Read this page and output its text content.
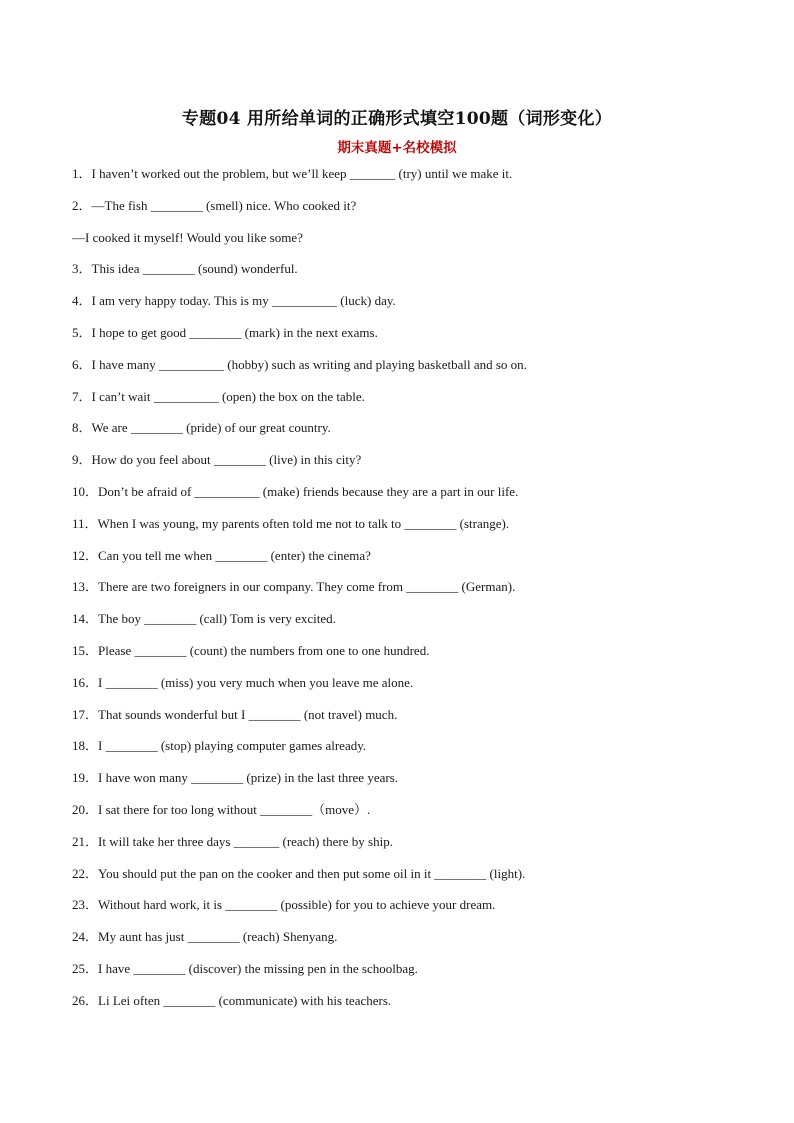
专题04 用所给单词的正确形式填空100题（词形变化）
期末真题+名校模拟
1．I haven’t worked out the problem, but we’ll keep _______ (try) until we make it.
2．—The fish ________ (smell) nice. Who cooked it?
—I cooked it myself! Would you like some?
3．This idea ________ (sound) wonderful.
4．I am very happy today. This is my __________ (luck) day.
5．I hope to get good ________ (mark) in the next exams.
6．I have many __________ (hobby) such as writing and playing basketball and so on.
7．I can’t wait __________ (open) the box on the table.
8．We are ________ (pride) of our great country.
9．How do you feel about ________ (live) in this city?
10．Don’t be afraid of __________ (make) friends because they are a part in our life.
11．When I was young, my parents often told me not to talk to ________ (strange).
12．Can you tell me when ________ (enter) the cinema?
13．There are two foreigners in our company. They come from ________ (German).
14．The boy ________ (call) Tom is very excited.
15．Please ________ (count) the numbers from one to one hundred.
16．I ________ (miss) you very much when you leave me alone.
17．That sounds wonderful but I ________ (not travel) much.
18．I ________ (stop) playing computer games already.
19．I have won many ________ (prize) in the last three years.
20．I sat there for too long without ________（move）.
21．It will take her three days _______ (reach) there by ship.
22．You should put the pan on the cooker and then put some oil in it ________ (light).
23．Without hard work, it is ________ (possible) for you to achieve your dream.
24．My aunt has just ________ (reach) Shenyang.
25．I have ________ (discover) the missing pen in the schoolbag.
26．Li Lei often ________ (communicate) with his teachers.
